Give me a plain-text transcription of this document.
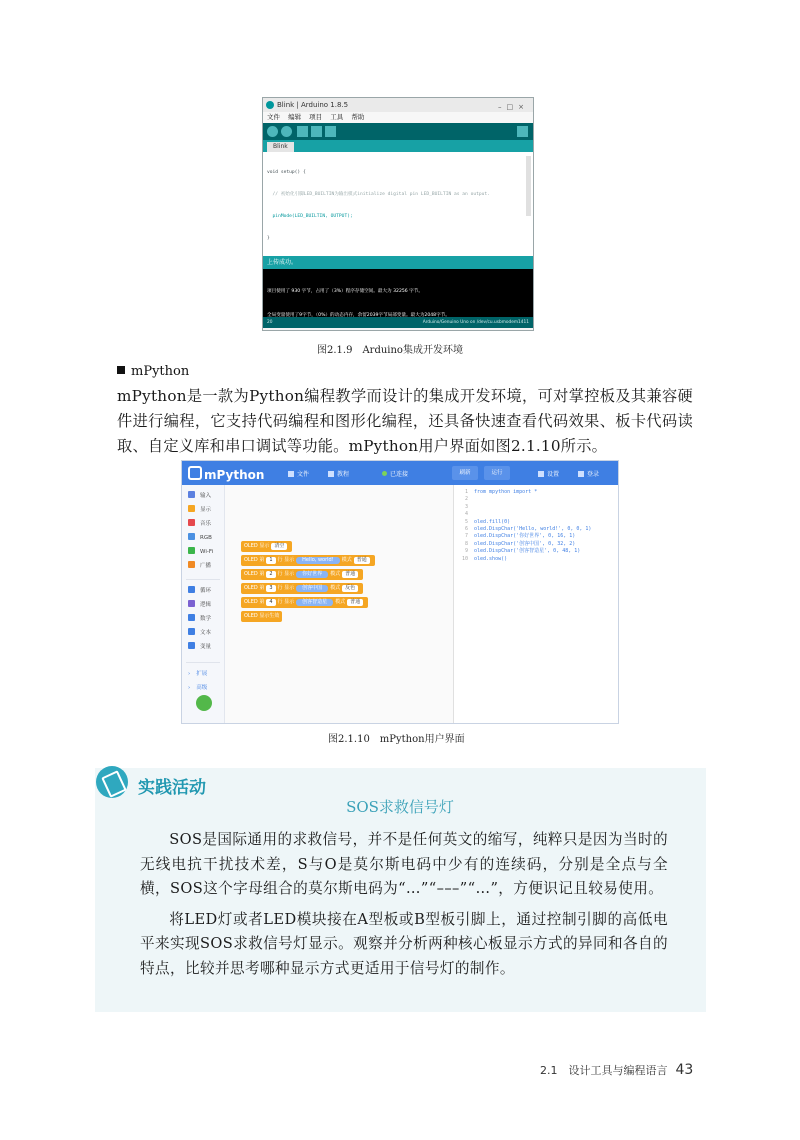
Blink | Arduino 1.8.5	–□×
文件 编辑 项目 工具 帮助
Blink

void setup() {

// 初始化引脚LED_BUILTIN为输出模式initialize digital pin LED_BUILTIN as an output.

pinMode(LED_BUILTIN, OUTPUT);

}

上传成功。

项目使用了 930 字节，占用了（3%）程序存储空间。最大为 32256 字节。

全局变量使用了9字节，（0%）的动态内存，余留2039字节局部变量。最大为2048字节。

20	Arduino/Genuino Uno on /dev/cu.usbmodem1411
图2.1.9　Arduino集成开发环境
mPython

mPython是一款为Python编程教学而设计的集成开发环境，可对掌控板及其兼容硬件进行编程，它支持代码编程和图形化编程，还具备快速查看代码效果、板卡代码读取、自定义库和串口调试等功能。mPython用户界面如图2.1.10所示。

mPython	文件	教程	已连接	刷新	运行	设置	登录
输入
显示
音乐
RGB
Wi-Fi
广播
循环
逻辑
数学
文本
变量
› 扩展
› 高级
OLED 显示 清空
OLED 第 1 行 显示 Hello, world! 模式 普通
OLED 第 2 行 显示 你好世界 模式 普通
OLED 第 3 行 显示 创客中国 模式 反色
OLED 第 4 行 显示 创客智造星 模式 普通
OLED 显示生效
1
2
3
4
5
6
7
8
9
10
from mpython import *

oled.fill(0)
oled.DispChar('Hello, world!', 0, 0, 1)
oled.DispChar('你好世界', 0, 16, 1)
oled.DispChar('创客中国', 0, 32, 2)
oled.DispChar('创客智造星', 0, 48, 1)
oled.show()
图2.1.10　mPython用户界面
实践活动
SOS求救信号灯

SOS是国际通用的求救信号，并不是任何英文的缩写，纯粹只是因为当时的无线电抗干扰技术差，S与O是莫尔斯电码中少有的连续码，分别是全点与全横，SOS这个字母组合的莫尔斯电码为“…”“–––”“…”，方便识记且较易使用。

将LED灯或者LED模块接在A型板或B型板引脚上，通过控制引脚的高低电平来实现SOS求救信号灯显示。观察并分析两种核心板显示方式的异同和各自的特点，比较并思考哪种显示方式更适用于信号灯的制作。

2.1　设计工具与编程语言 43
